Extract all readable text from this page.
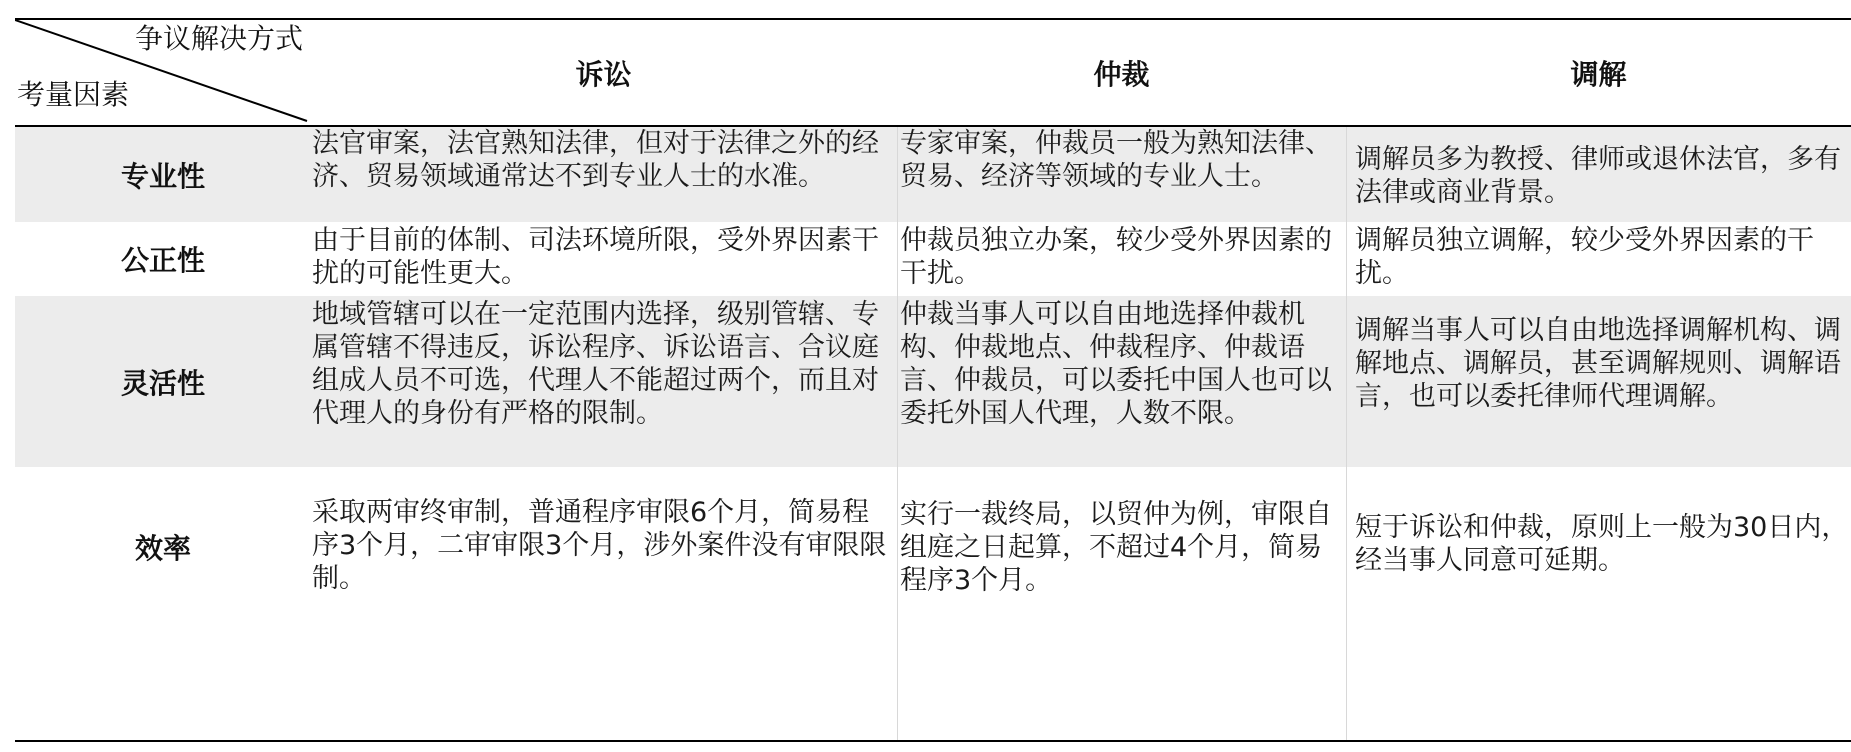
争议解决方式
考量因素
诉讼	仲裁	调解
专业性
法官审案，法官熟知法律，但对于法律之外的经济、贸易领域通常达不到专业人士的水准。
专家审案，仲裁员一般为熟知法律、贸易、经济等领域的专业人士。
调解员多为教授、律师或退休法官，多有法律或商业背景。
公正性
由于目前的体制、司法环境所限，受外界因素干扰的可能性更大。
仲裁员独立办案，较少受外界因素的干扰。
调解员独立调解，较少受外界因素的干扰。
灵活性
地域管辖可以在一定范围内选择，级别管辖、专属管辖不得违反，诉讼程序、诉讼语言、合议庭组成人员不可选，代理人不能超过两个，而且对代理人的身份有严格的限制。
仲裁当事人可以自由地选择仲裁机构、仲裁地点、仲裁程序、仲裁语言、仲裁员，可以委托中国人也可以委托外国人代理，人数不限。
调解当事人可以自由地选择调解机构、调解地点、调解员，甚至调解规则、调解语言，也可以委托律师代理调解。
效率
采取两审终审制，普通程序审限6个月，简易程序3个月，二审审限3个月，涉外案件没有审限限制。
实行一裁终局，以贸仲为例，审限自组庭之日起算，不超过4个月，简易程序3个月。
短于诉讼和仲裁，原则上一般为30日内，经当事人同意可延期。
